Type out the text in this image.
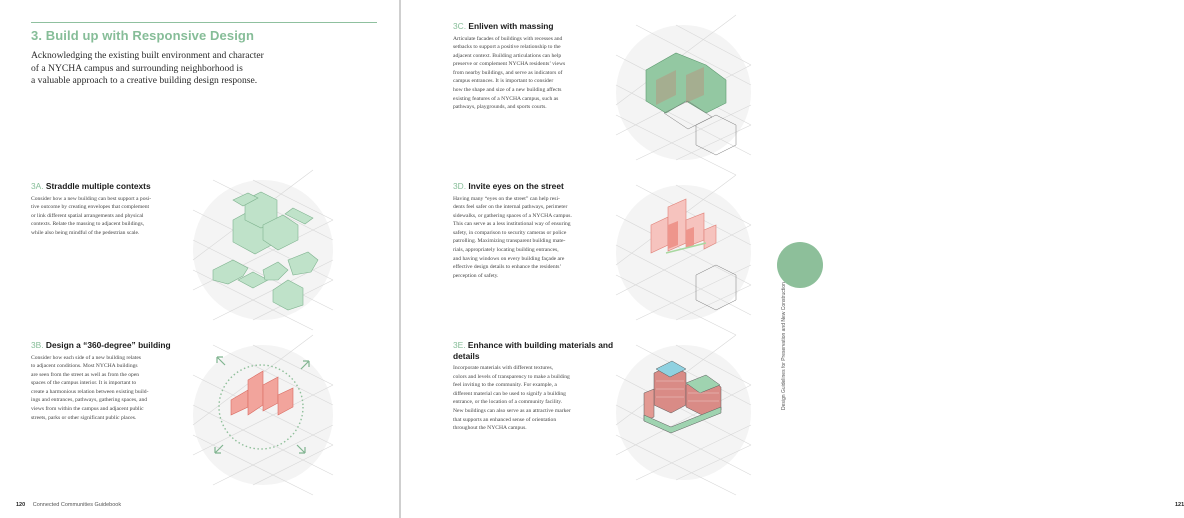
3. Build up with Responsive Design
Acknowledging the existing built environment and character
of a NYCHA campus and surrounding neighborhood is
a valuable approach to a creative building design response.
3A. Straddle multiple contexts
Consider how a new building can best support a posi-
tive outcome by creating envelopes that complement
or link different spatial arrangements and physical
contexts. Relate the massing to adjacent buildings,
while also being mindful of the pedestrian scale.
3B. Design a “360-degree” building
Consider how each side of a new building relates
to adjacent conditions. Most NYCHA buildings
are seen from the street as well as from the open
spaces of the campus interior. It is important to
create a harmonious relation between existing build-
ings and entrances, pathways, gathering spaces, and
views from within the campus and adjacent public
streets, parks or other significant public places.
120 Connected Communities Guidebook
3C. Enliven with massing
Articulate facades of buildings with recesses and
setbacks to support a positive relationship to the
adjacent context. Building articulations can help
preserve or complement NYCHA residents’ views
from nearby buildings, and serve as indicators of
campus entrances. It is important to consider
how the shape and size of a new building affects
existing features of a NYCHA campus, such as
pathways, playgrounds, and sports courts.
3D. Invite eyes on the street
Having many “eyes on the street” can help resi-
dents feel safer on the internal pathways, perimeter
sidewalks, or gathering spaces of a NYCHA campus.
This can serve as a less institutional way of ensuring
safety, in comparison to security cameras or police
patrolling. Maximizing transparent building mate-
rials, appropriately locating building entrances,
and having windows on every building façade are
effective design details to enhance the residents’
perception of safety.
3E. Enhance with building materials and details
Incorporate materials with different textures,
colors and levels of transparency to make a building
feel inviting to the community. For example, a
different material can be used to signify a building
entrance, or the location of a community facility.
New buildings can also serve as an attractive marker
that supports an enhanced sense of orientation
throughout the NYCHA campus.
121
Design Guidelines for Preservation and New Construction
